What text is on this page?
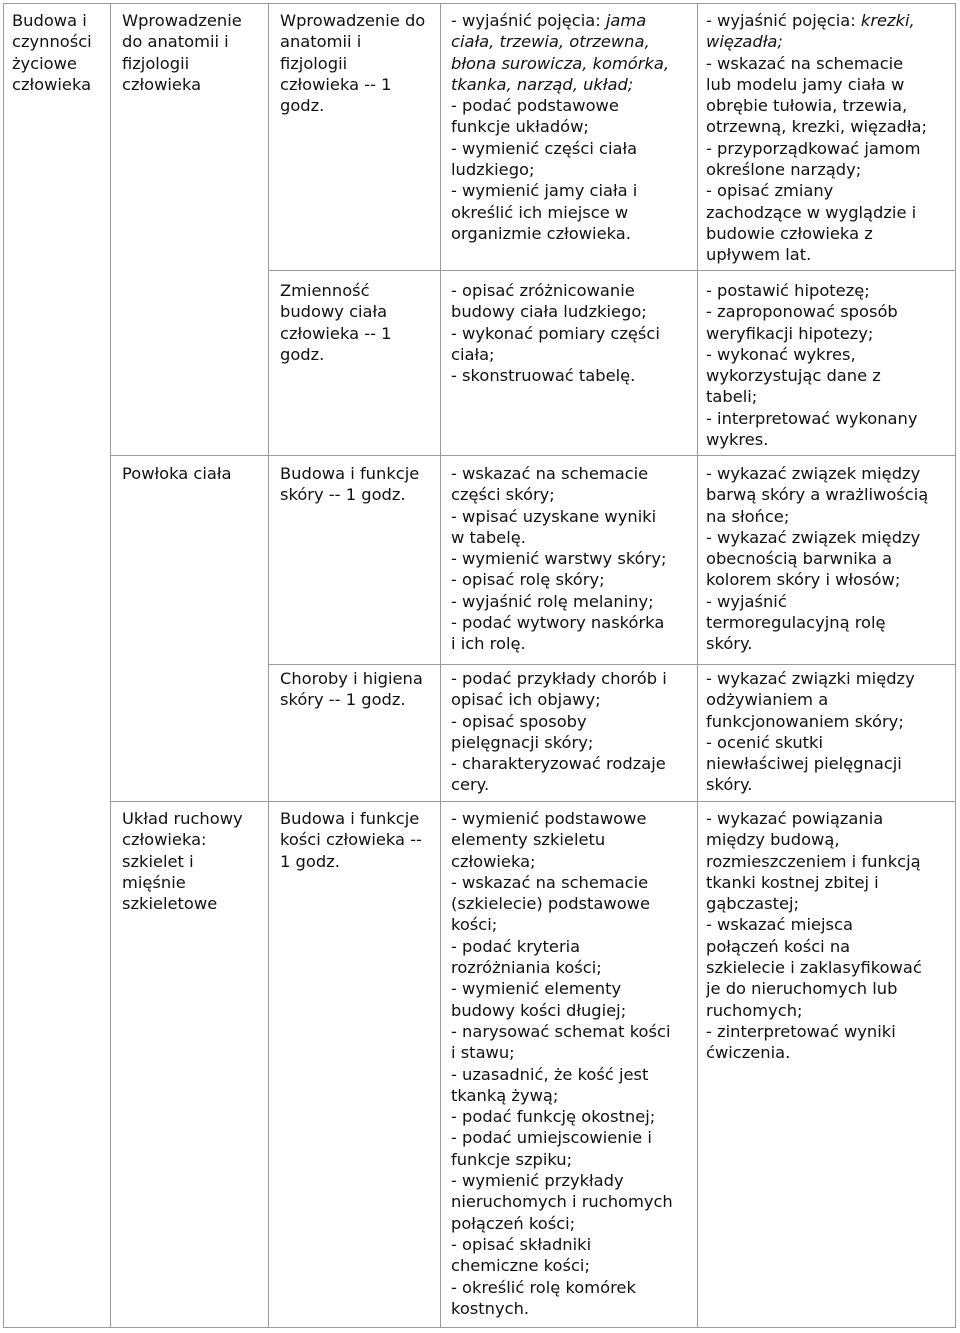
Budowa i
czynności
życiowe
człowieka
Wprowadzenie
do anatomii i
fizjologii
człowieka
Wprowadzenie do
anatomii i
fizjologii
człowieka -- 1
godz.
- wyjaśnić pojęcia: jama
ciała, trzewia, otrzewna,
błona surowicza, komórka,
tkanka, narząd, układ;
- podać podstawowe
funkcje układów;
- wymienić części ciała
ludzkiego;
- wymienić jamy ciała i
określić ich miejsce w
organizmie człowieka.
- wyjaśnić pojęcia: krezki,
więzadła;
- wskazać na schemacie
lub modelu jamy ciała w
obrębie tułowia, trzewia,
otrzewną, krezki, więzadła;
- przyporządkować jamom
określone narządy;
- opisać zmiany
zachodzące w wyglądzie i
budowie człowieka z
upływem lat.
Zmienność
budowy ciała
człowieka -- 1
godz.
- opisać zróżnicowanie
budowy ciała ludzkiego;
- wykonać pomiary części
ciała;
- skonstruować tabelę.
- postawić hipotezę;
- zaproponować sposób
weryfikacji hipotezy;
- wykonać wykres,
wykorzystując dane z
tabeli;
- interpretować wykonany
wykres.
Powłoka ciała	Budowa i funkcje
skóry -- 1 godz.
- wskazać na schemacie
części skóry;
- wpisać uzyskane wyniki
w tabelę.
- wymienić warstwy skóry;
- opisać rolę skóry;
- wyjaśnić rolę melaniny;
- podać wytwory naskórka
i ich rolę.
- wykazać związek między
barwą skóry a wrażliwością
na słońce;
- wykazać związek między
obecnością barwnika a
kolorem skóry i włosów;
- wyjaśnić
termoregulacyjną rolę
skóry.
Choroby i higiena
skóry -- 1 godz.
- podać przykłady chorób i
opisać ich objawy;
- opisać sposoby
pielęgnacji skóry;
- charakteryzować rodzaje
cery.
- wykazać związki między
odżywianiem a
funkcjonowaniem skóry;
- ocenić skutki
niewłaściwej pielęgnacji
skóry.
Układ ruchowy
człowieka:
szkielet i
mięśnie
szkieletowe
Budowa i funkcje
kości człowieka --
1 godz.
- wymienić podstawowe
elementy szkieletu
człowieka;
- wskazać na schemacie
(szkielecie) podstawowe
kości;
- podać kryteria
rozróżniania kości;
- wymienić elementy
budowy kości długiej;
- narysować schemat kości
i stawu;
- uzasadnić, że kość jest
tkanką żywą;
- podać funkcję okostnej;
- podać umiejscowienie i
funkcje szpiku;
- wymienić przykłady
nieruchomych i ruchomych
połączeń kości;
- opisać składniki
chemiczne kości;
- określić rolę komórek
kostnych.
- wykazać powiązania
między budową,
rozmieszczeniem i funkcją
tkanki kostnej zbitej i
gąbczastej;
- wskazać miejsca
połączeń kości na
szkielecie i zaklasyfikować
je do nieruchomych lub
ruchomych;
- zinterpretować wyniki
ćwiczenia.
